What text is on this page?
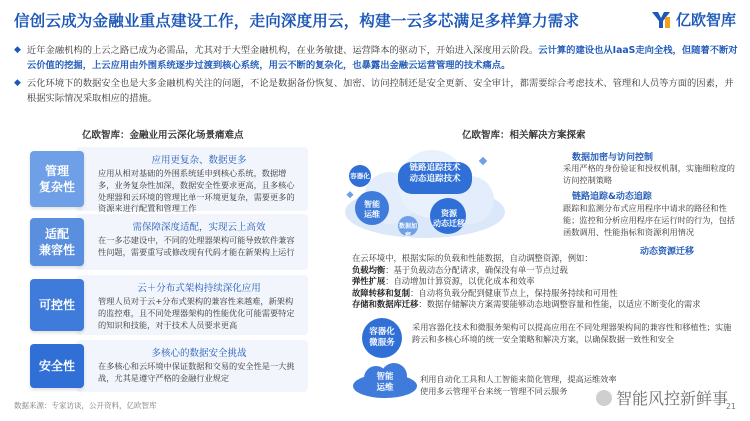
信创云成为金融业重点建设工作，走向深度用云，构建一云多芯满足多样算力需求	亿欧智库
◆ 近年金融机构的上云之路已成为必需品，尤其对于大型金融机构，在业务敏捷、运营降本的驱动下，开始进入深度用云阶段。云计算的建设也从IaaS走向全栈，但随着不断对云价值的挖掘，上云应用由外围系统逐步过渡到核心系统，用云不断的复杂化，也暴露出金融云运营管理的技术痛点。
◆ 云化环境下的数据安全也是大多金融机构关注的问题，不论是数据备份恢复、加密、访问控制还是安全更新、安全审计，都需要综合考虑技术、管理和人员等方面的因素，并根据实际情况采取相应的措施。
亿欧智库：金融业用云深化场景痛难点	亿欧智库：相关解决方案探索
应用更复杂、数据更多
应用从相对基础的外围系统延申到核心系统，数据增多，业务复杂性加深，数据安全性要求更高，且多核心处理器和云环境的管理比单一环境更复杂，需要更多的资源来进行配置和管理工作
管理
复杂性
需保障深度适配，实现云上高效
在一多芯建设中，不同的处理器架构可能导致软件兼容性问题，需要重写或修改现有代码才能在新架构上运行
适配
兼容性
云＋分布式架构持续深化应用
管理人员对于云+分布式架构的兼容性来越难，新架构的监控难，且不同处理器架构的性能优化可能需要特定的知识和技能，对于技术人员要求更高
可控性
多核心的数据安全挑战
在多核心和云环境中保证数据和交易的安全性是一大挑战，尤其是遵守严格的金融行业规定
安全性
链路追踪技术
动态追踪技术
智能
运维	资源
动态迁移
容器化
数据加密
数据加密与访问控制
采用严格的身份验证和授权机制，实施细粒度的访问控制策略
链路追踪&动态追踪
跟踪和监测分布式应用程序中请求的路径和性能；监控和分析应用程序在运行时的行为，包括函数调用、性能指标和资源利用情况
动态资源迁移
在云环境中，根据实际的负载和性能数据，自动调整资源，例如：
负载均衡：基于负载动态分配请求，确保没有单一节点过载
弹性扩展：自动增加计算资源，以优化成本和效率
故障转移和复制：自动将负载分配到健康节点上，保持服务持续和可用性
存储和数据库迁移：数据存储解决方案需要能够动态地调整容量和性能，以适应不断变化的需求
容器化
微服务
采用容器化技术和微服务架构可以提高应用在不同处理器架构间的兼容性和移植性；实施跨云和多核心环境的统一安全策略和解决方案，以确保数据一致性和安全
智能
运维
利用自动化工具和人工智能来简化管理，提高运维效率
使用多云管理平台来统一管理不同云服务
数据来源：专家访谈，公开资料，亿欧智库	智能风控新鲜事
21
